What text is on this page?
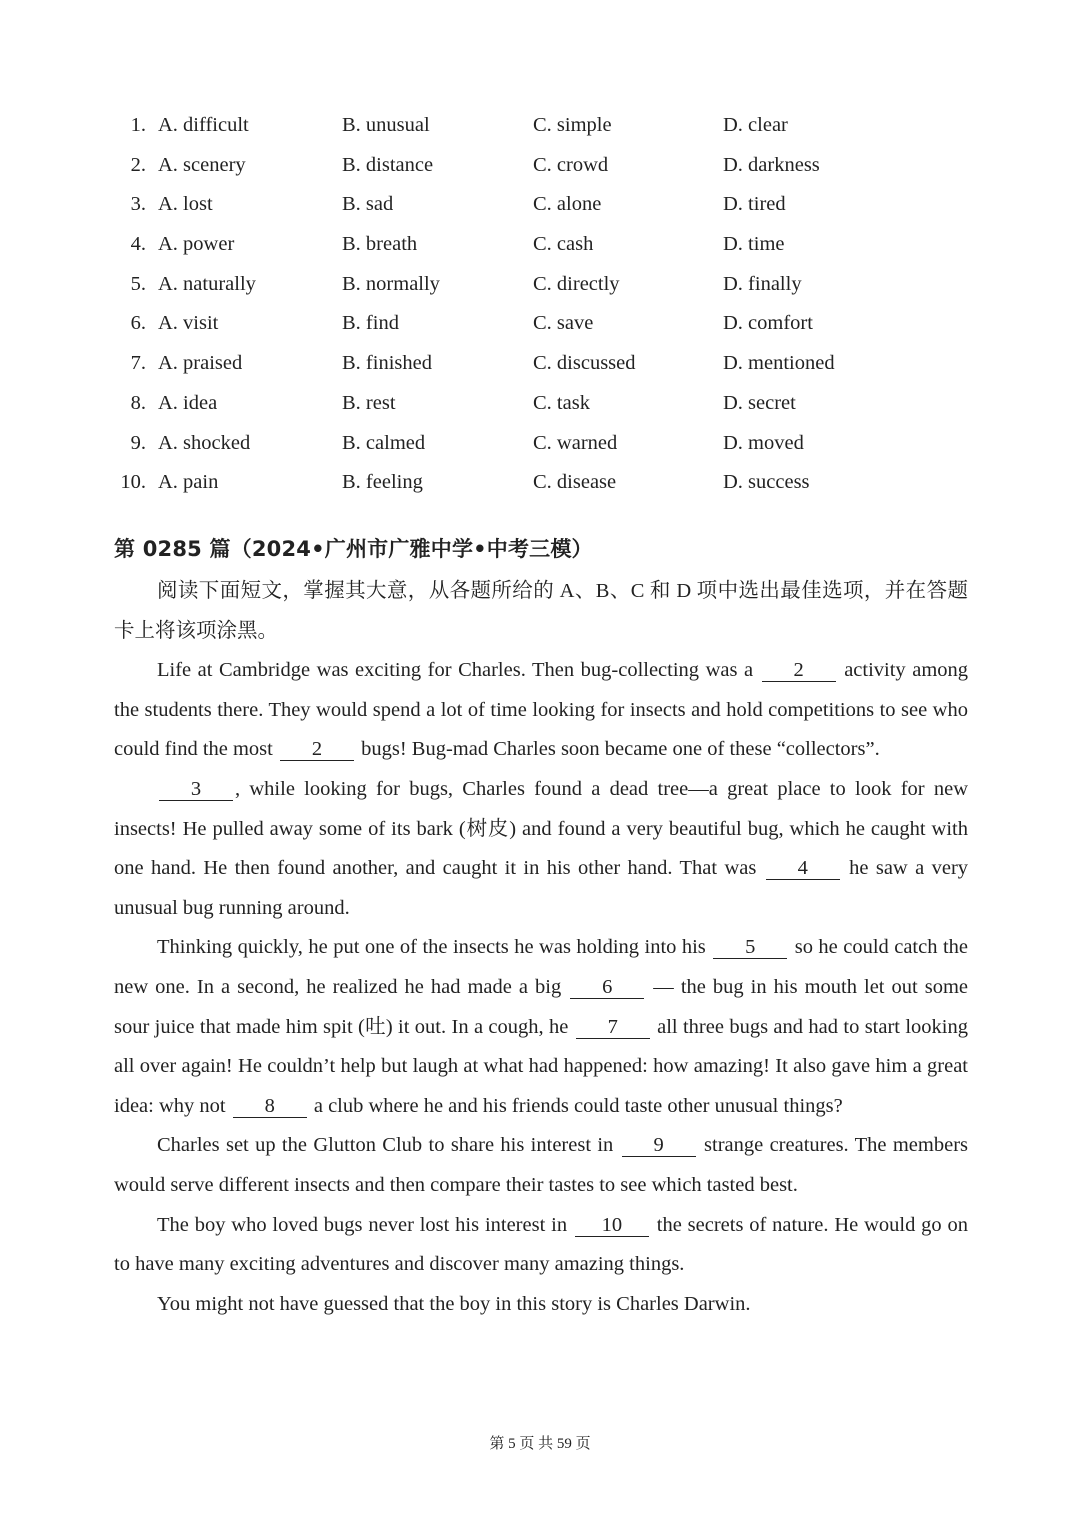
1. A. difficult	B. unusual	C. simple	D. clear
2. A. scenery	B. distance	C. crowd	D. darkness
3. A. lost	B. sad	C. alone	D. tired
4. A. power	B. breath	C. cash	D. time
5. A. naturally	B. normally	C. directly	D. finally
6. A. visit	B. find	C. save	D. comfort
7. A. praised	B. finished	C. discussed	D. mentioned
8. A. idea	B. rest	C. task	D. secret
9. A. shocked	B. calmed	C. warned	D. moved
10. A. pain	B. feeling	C. disease	D. success
第 0285 篇（2024•广州市广雅中学•中考三模）

阅读下面短文，掌握其大意，从各题所给的 A、B、C 和 D 项中选出最佳选项，并在答题卡上将该项涂黑。

Life at Cambridge was exciting for Charles. Then bug-collecting was a 2 activity among the students there. They would spend a lot of time looking for insects and hold competitions to see who could find the most 2 bugs! Bug-mad Charles soon became one of these “collectors”.

3 , while looking for bugs, Charles found a dead tree—a great place to look for new insects! He pulled away some of its bark (树皮) and found a very beautiful bug, which he caught with one hand. He then found another, and caught it in his other hand. That was 4 he saw a very unusual bug running around.

Thinking quickly, he put one of the insects he was holding into his 5 so he could catch the new one. In a second, he realized he had made a big 6 — the bug in his mouth let out some sour juice that made him spit (吐) it out. In a cough, he 7 all three bugs and had to start looking all over again! He couldn’t help but laugh at what had happened: how amazing! It also gave him a great idea: why not 8 a club where he and his friends could taste other unusual things?

Charles set up the Glutton Club to share his interest in 9 strange creatures. The members would serve different insects and then compare their tastes to see which tasted best.

The boy who loved bugs never lost his interest in 10 the secrets of nature. He would go on to have many exciting adventures and discover many amazing things.

You might not have guessed that the boy in this story is Charles Darwin.

第 5 页 共 59 页
